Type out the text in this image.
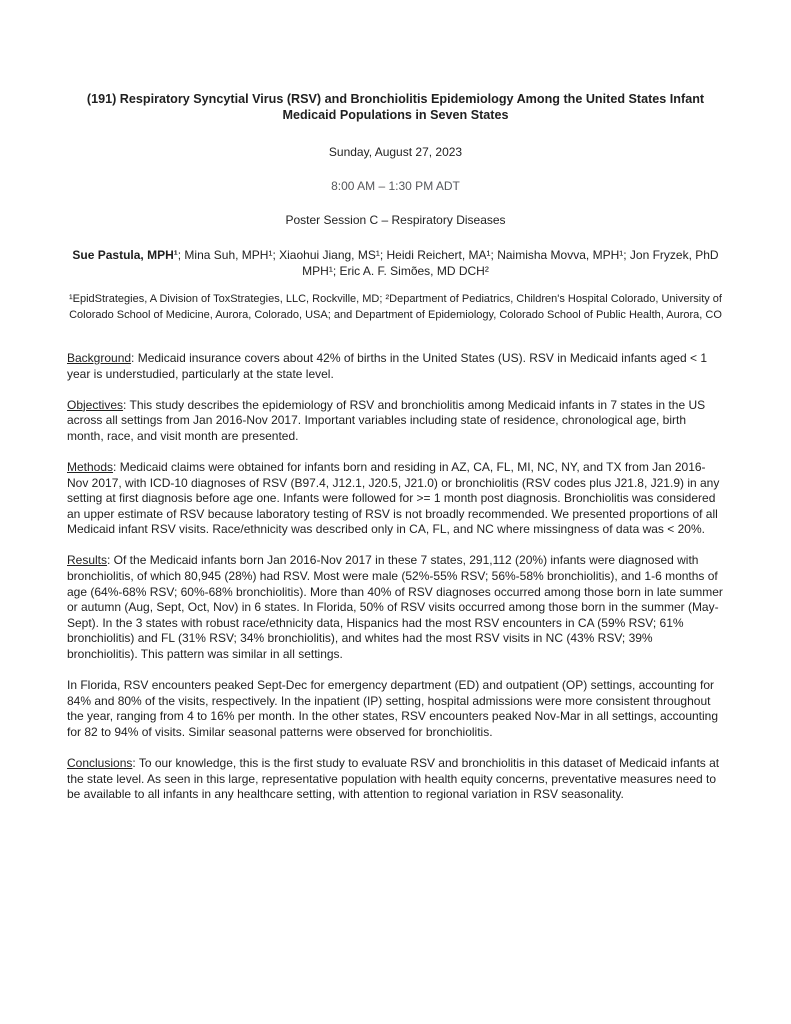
(191) Respiratory Syncytial Virus (RSV) and Bronchiolitis Epidemiology Among the United States Infant Medicaid Populations in Seven States
Sunday, August 27, 2023
8:00 AM – 1:30 PM ADT
Poster Session C – Respiratory Diseases
Sue Pastula, MPH¹; Mina Suh, MPH¹; Xiaohui Jiang, MS¹; Heidi Reichert, MA¹; Naimisha Movva, MPH¹; Jon Fryzek, PhD MPH¹; Eric A. F. Simões, MD DCH²
¹EpidStrategies, A Division of ToxStrategies, LLC, Rockville, MD; ²Department of Pediatrics, Children's Hospital Colorado, University of Colorado School of Medicine, Aurora, Colorado, USA; and Department of Epidemiology, Colorado School of Public Health, Aurora, CO

Background: Medicaid insurance covers about 42% of births in the United States (US). RSV in Medicaid infants aged < 1 year is understudied, particularly at the state level.

Objectives: This study describes the epidemiology of RSV and bronchiolitis among Medicaid infants in 7 states in the US across all settings from Jan 2016-Nov 2017. Important variables including state of residence, chronological age, birth month, race, and visit month are presented.

Methods: Medicaid claims were obtained for infants born and residing in AZ, CA, FL, MI, NC, NY, and TX from Jan 2016-Nov 2017, with ICD-10 diagnoses of RSV (B97.4, J12.1, J20.5, J21.0) or bronchiolitis (RSV codes plus J21.8, J21.9) in any setting at first diagnosis before age one. Infants were followed for >= 1 month post diagnosis. Bronchiolitis was considered an upper estimate of RSV because laboratory testing of RSV is not broadly recommended. We presented proportions of all Medicaid infant RSV visits. Race/ethnicity was described only in CA, FL, and NC where missingness of data was < 20%.

Results: Of the Medicaid infants born Jan 2016-Nov 2017 in these 7 states, 291,112 (20%) infants were diagnosed with bronchiolitis, of which 80,945 (28%) had RSV. Most were male (52%-55% RSV; 56%-58% bronchiolitis), and 1-6 months of age (64%-68% RSV; 60%-68% bronchiolitis). More than 40% of RSV diagnoses occurred among those born in late summer or autumn (Aug, Sept, Oct, Nov) in 6 states. In Florida, 50% of RSV visits occurred among those born in the summer (May-Sept). In the 3 states with robust race/ethnicity data, Hispanics had the most RSV encounters in CA (59% RSV; 61% bronchiolitis) and FL (31% RSV; 34% bronchiolitis), and whites had the most RSV visits in NC (43% RSV; 39% bronchiolitis). This pattern was similar in all settings.

In Florida, RSV encounters peaked Sept-Dec for emergency department (ED) and outpatient (OP) settings, accounting for 84% and 80% of the visits, respectively. In the inpatient (IP) setting, hospital admissions were more consistent throughout the year, ranging from 4 to 16% per month. In the other states, RSV encounters peaked Nov-Mar in all settings, accounting for 82 to 94% of visits. Similar seasonal patterns were observed for bronchiolitis.

Conclusions: To our knowledge, this is the first study to evaluate RSV and bronchiolitis in this dataset of Medicaid infants at the state level. As seen in this large, representative population with health equity concerns, preventative measures need to be available to all infants in any healthcare setting, with attention to regional variation in RSV seasonality.
